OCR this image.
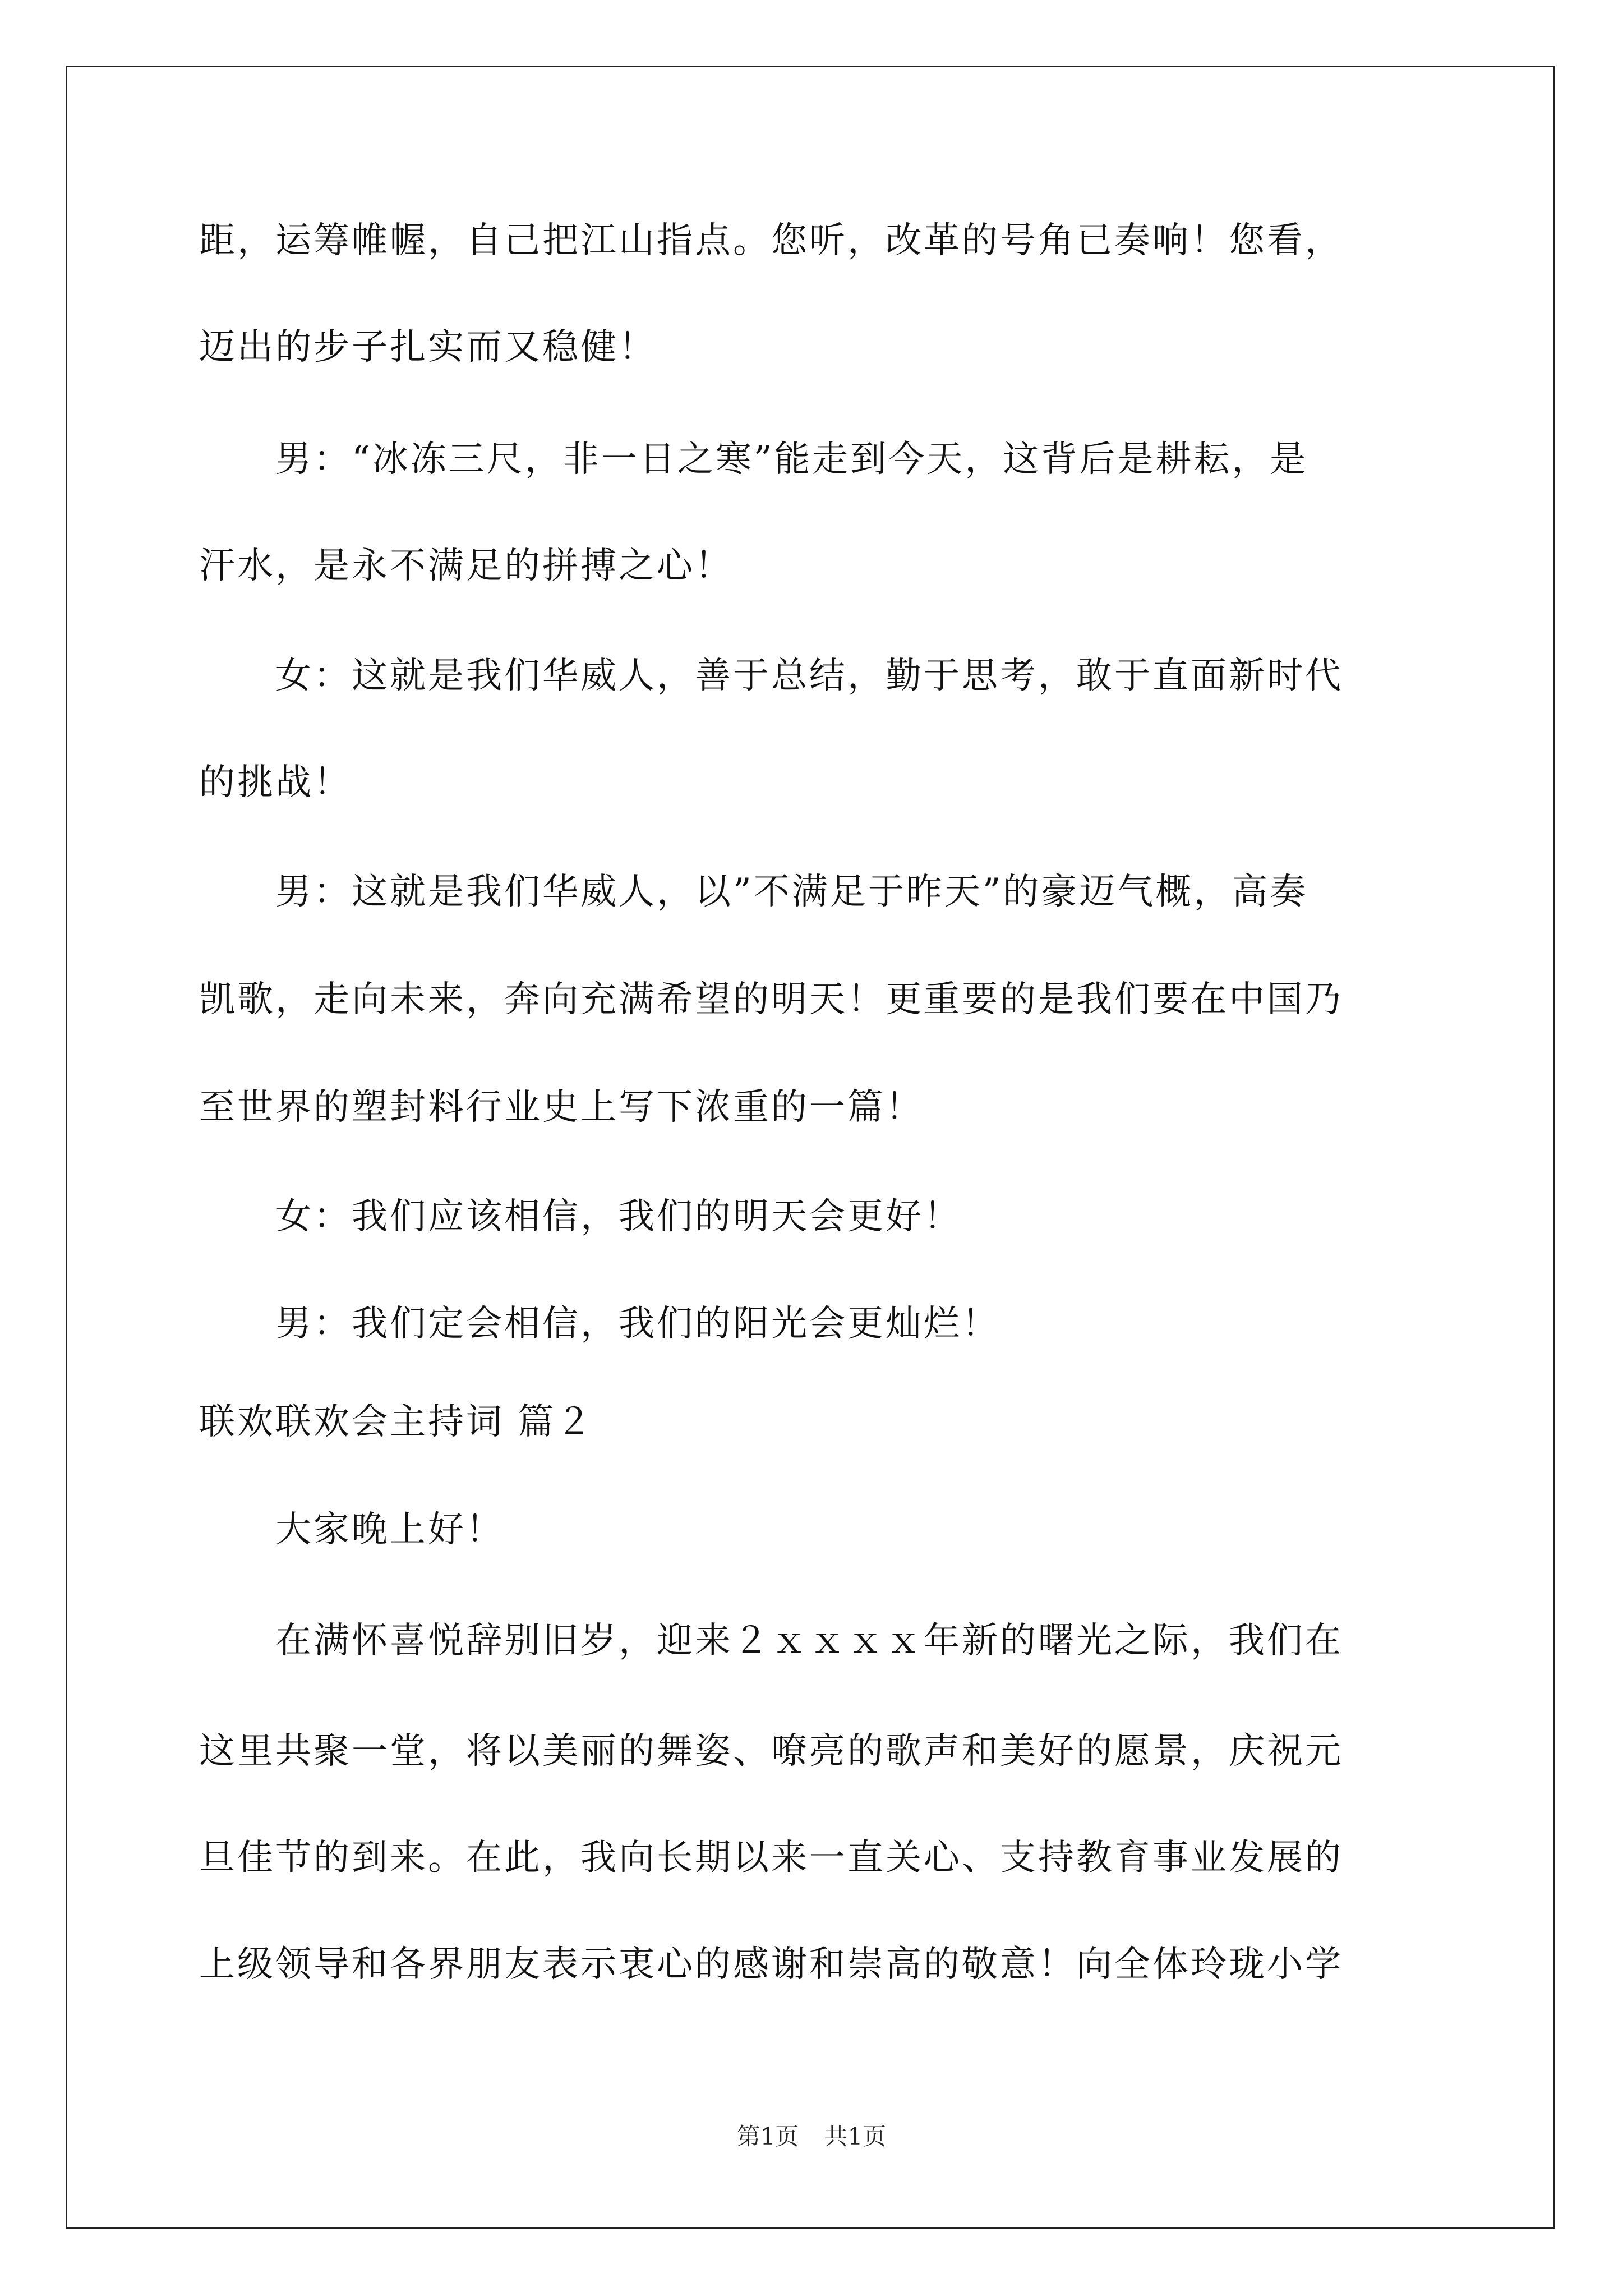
距，运筹帷幄，自己把江山指点。您听，改革的号角已奏响！您看，
迈出的步子扎实而又稳健！
　　男：“冰冻三尺，非一日之寒”能走到今天，这背后是耕耘，是
汗水，是永不满足的拼搏之心！
　　女：这就是我们华威人，善于总结，勤于思考，敢于直面新时代
的挑战！
　　男：这就是我们华威人，以”不满足于昨天”的豪迈气概，高奏
凯歌，走向未来，奔向充满希望的明天！更重要的是我们要在中国乃
至世界的塑封料行业史上写下浓重的一篇！
　　女：我们应该相信，我们的明天会更好！
　　男：我们定会相信，我们的阳光会更灿烂！
联欢联欢会主持词 篇２
　　大家晚上好！
　　在满怀喜悦辞别旧岁，迎来２ｘｘｘｘ年新的曙光之际，我们在
这里共聚一堂，将以美丽的舞姿、嘹亮的歌声和美好的愿景，庆祝元
旦佳节的到来。在此，我向长期以来一直关心、支持教育事业发展的
上级领导和各界朋友表示衷心的感谢和崇高的敬意！向全体玲珑小学
第1页 共1页
